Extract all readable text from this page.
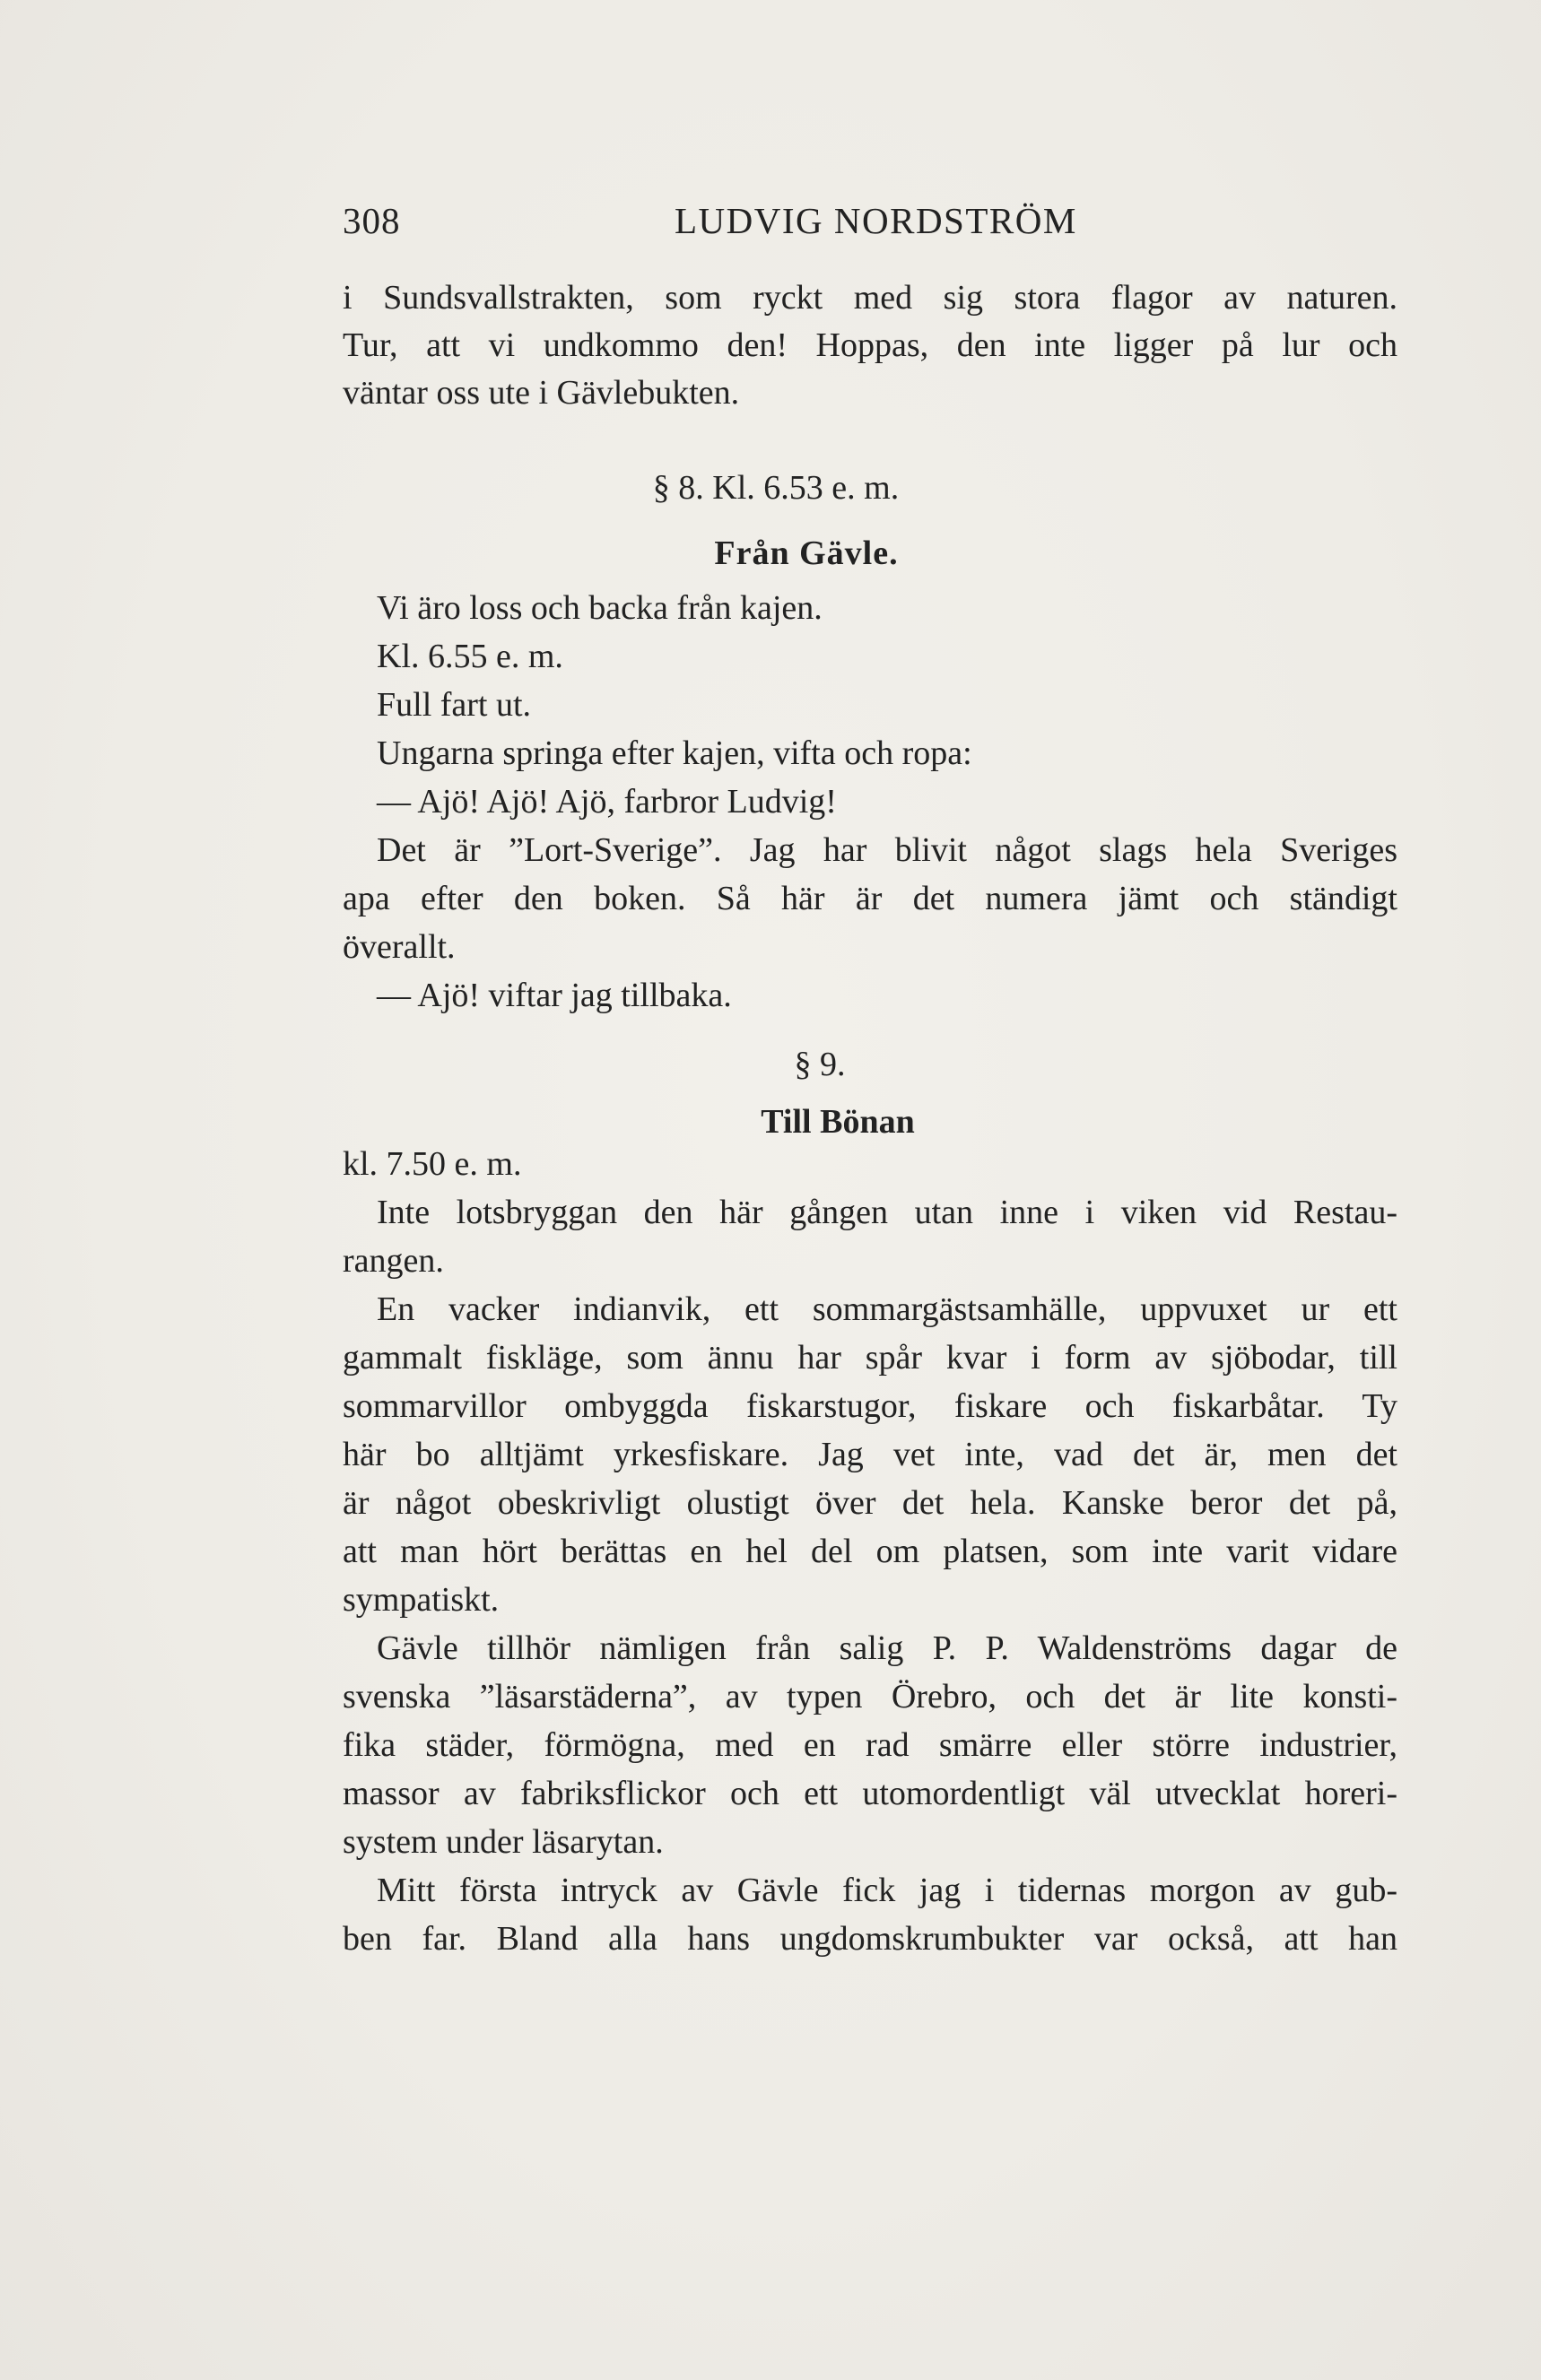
308	LUDVIG NORDSTRÖM
i Sundsvallstrakten, som ryckt med sig stora flagor av naturen.
Tur, att vi undkommo den! Hoppas, den inte ligger på lur och
väntar oss ute i Gävlebukten.
§ 8. Kl. 6.53 e. m.
Från Gävle.
Vi äro loss och backa från kajen.
Kl. 6.55 e. m.
Full fart ut.
Ungarna springa efter kajen, vifta och ropa:
— Ajö! Ajö! Ajö, farbror Ludvig!
Det är ”Lort-Sverige”. Jag har blivit något slags hela Sveriges
apa efter den boken. Så här är det numera jämt och ständigt
överallt.
— Ajö! viftar jag tillbaka.
§ 9.
Till Bönan
kl. 7.50 e. m.
Inte lotsbryggan den här gången utan inne i viken vid Restau-
rangen.
En vacker indianvik, ett sommargästsamhälle, uppvuxet ur ett
gammalt fiskläge, som ännu har spår kvar i form av sjöbodar, till
sommarvillor ombyggda fiskarstugor, fiskare och fiskarbåtar. Ty
här bo alltjämt yrkesfiskare. Jag vet inte, vad det är, men det
är något obeskrivligt olustigt över det hela. Kanske beror det på,
att man hört berättas en hel del om platsen, som inte varit vidare
sympatiskt.
Gävle tillhör nämligen från salig P. P. Waldenströms dagar de
svenska ”läsarstäderna”, av typen Örebro, och det är lite konsti-
fika städer, förmögna, med en rad smärre eller större industrier,
massor av fabriksflickor och ett utomordentligt väl utvecklat horeri-
system under läsarytan.
Mitt första intryck av Gävle fick jag i tidernas morgon av gub-
ben far. Bland alla hans ungdomskrumbukter var också, att han
